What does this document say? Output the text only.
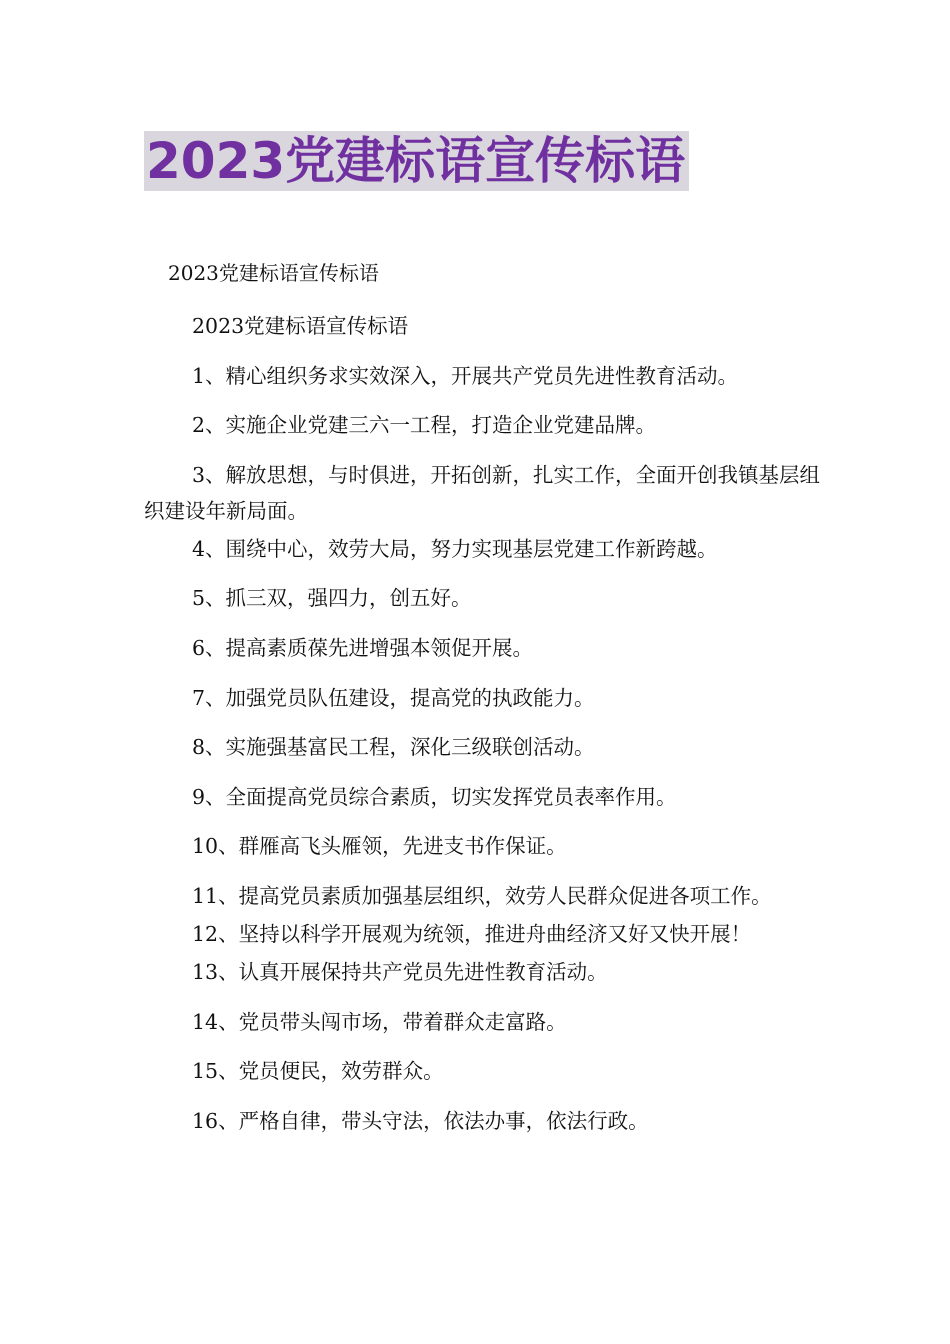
2023党建标语宣传标语
2023党建标语宣传标语

2023党建标语宣传标语

1、精心组织务求实效深入，开展共产党员先进性教育活动。

2、实施企业党建三六一工程，打造企业党建品牌。

3、解放思想，与时俱进，开拓创新，扎实工作，全面开创我镇基层组织建设年新局面。

4、围绕中心，效劳大局，努力实现基层党建工作新跨越。

5、抓三双，强四力，创五好。

6、提高素质葆先进增强本领促开展。

7、加强党员队伍建设，提高党的执政能力。

8、实施强基富民工程，深化三级联创活动。

9、全面提高党员综合素质，切实发挥党员表率作用。

10、群雁高飞头雁领，先进支书作保证。

11、提高党员素质加强基层组织，效劳人民群众促进各项工作。

12、坚持以科学开展观为统领，推进舟曲经济又好又快开展！

13、认真开展保持共产党员先进性教育活动。

14、党员带头闯市场，带着群众走富路。

15、党员便民，效劳群众。

16、严格自律，带头守法，依法办事，依法行政。
